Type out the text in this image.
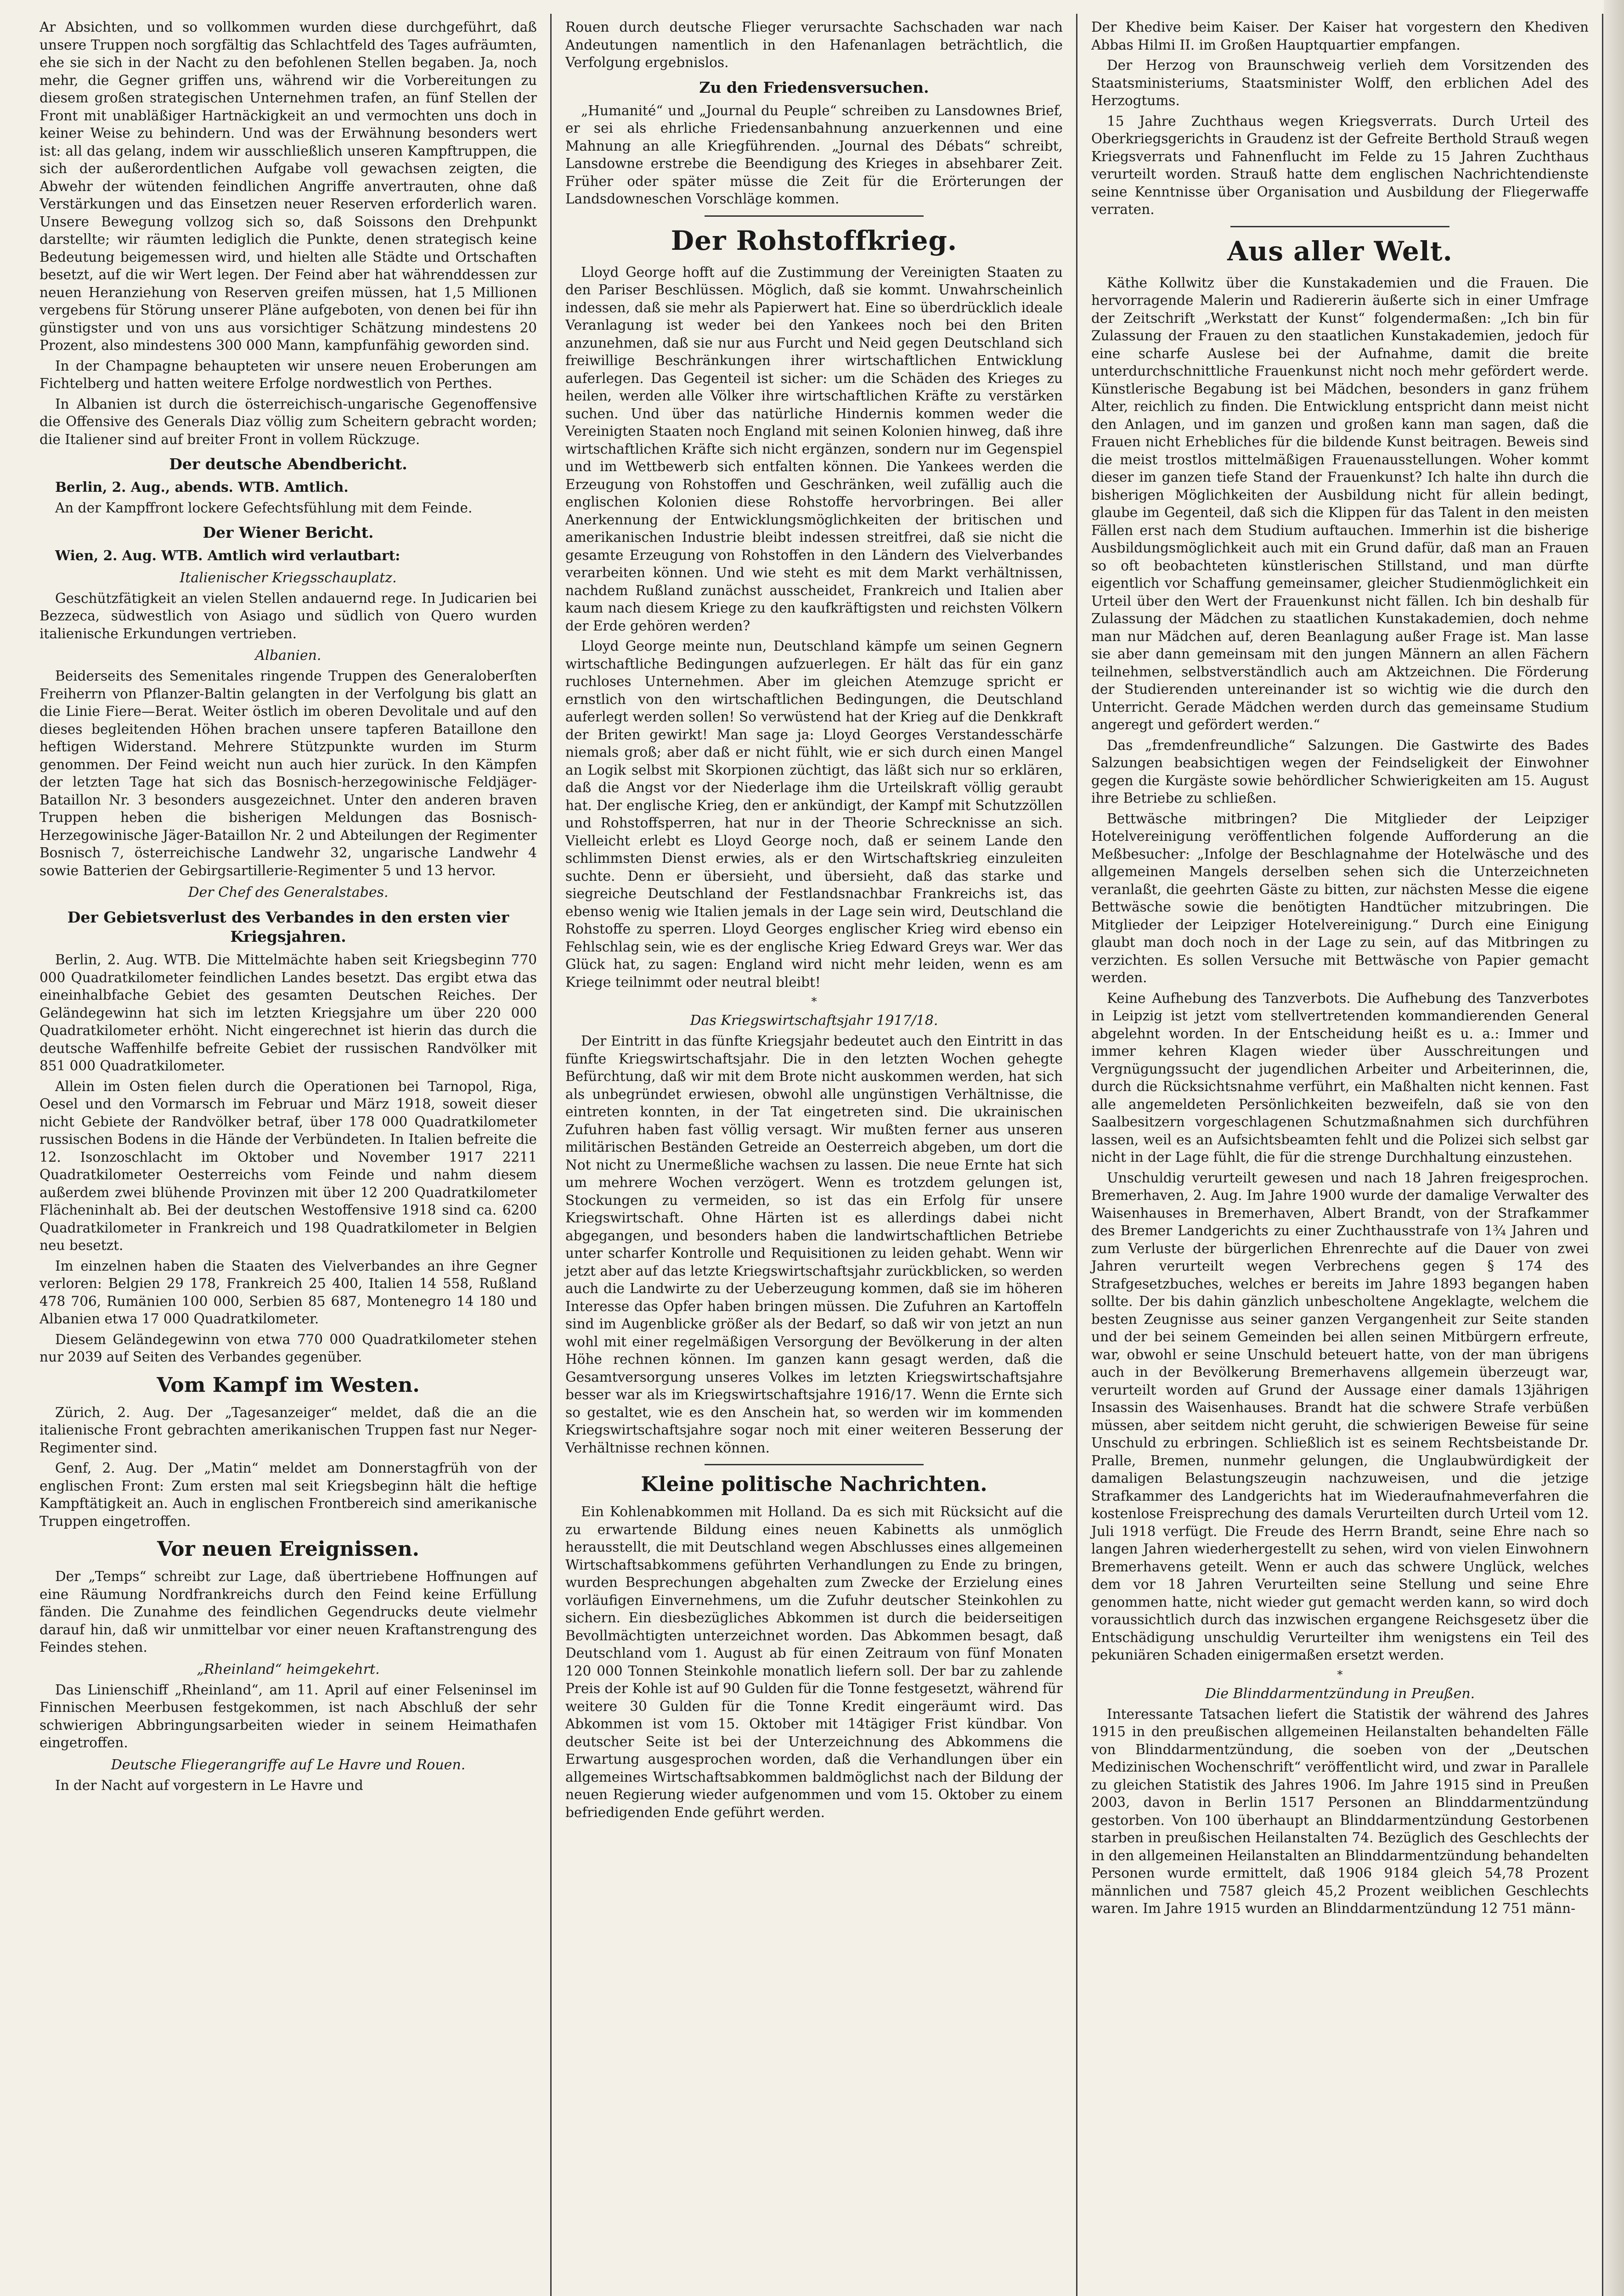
Ar Absichten, und so vollkommen wurden diese durchgeführt, daß unsere Truppen noch sorgfältig das Schlachtfeld des Tages aufräumten, ehe sie sich in der Nacht zu den befohlenen Stellen begaben. Ja, noch mehr, die Gegner griffen uns, während wir die Vorbereitungen zu diesem großen strategischen Unternehmen trafen, an fünf Stellen der Front mit unabläßiger Hartnäckigkeit an und vermochten uns doch in keiner Weise zu behindern. Und was der Erwähnung besonders wert ist: all das gelang, indem wir ausschließlich unseren Kampftruppen, die sich der außerordentlichen Aufgabe voll gewachsen zeigten, die Abwehr der wütenden feindlichen Angriffe anvertrauten, ohne daß Verstärkungen und das Einsetzen neuer Reserven erforderlich waren. Unsere Bewegung vollzog sich so, daß Soissons den Drehpunkt darstellte; wir räumten lediglich die Punkte, denen strategisch keine Bedeutung beigemessen wird, und hielten alle Städte und Ortschaften besetzt, auf die wir Wert legen. Der Feind aber hat währenddessen zur neuen Heranziehung von Reserven greifen müssen, hat 1,5 Millionen vergebens für Störung unserer Pläne aufgeboten, von denen bei für ihn günstigster und von uns aus vorsichtiger Schätzung mindestens 20 Prozent, also mindestens 300 000 Mann, kampfunfähig geworden sind.

In der Champagne behaupteten wir unsere neuen Eroberungen am Fichtelberg und hatten weitere Erfolge nordwestlich von Perthes.

In Albanien ist durch die österreichisch-ungarische Gegenoffensive die Offensive des Generals Diaz völlig zum Scheitern gebracht worden; die Italiener sind auf breiter Front in vollem Rückzuge.

Der deutsche Abendbericht.

Berlin, 2. Aug., abends. WTB. Amtlich.

An der Kampffront lockere Gefechtsfühlung mit dem Feinde.

Der Wiener Bericht.

Wien, 2. Aug. WTB. Amtlich wird verlautbart:

Italienischer Kriegsschauplatz.

Geschützfätigkeit an vielen Stellen andauernd rege. In Judicarien bei Bezzeca, südwestlich von Asiago und südlich von Quero wurden italienische Erkundungen vertrieben.

Albanien.

Beiderseits des Semenitales ringende Truppen des Generaloberſten Freiherrn von Pflanzer-Baltin gelangten in der Verfolgung bis glatt an die Linie Fiere—Berat. Weiter östlich im oberen Devolitale und auf den dieses begleitenden Höhen brachen unsere tapferen Bataillone den heftigen Widerstand. Mehrere Stützpunkte wurden im Sturm genommen. Der Feind weicht nun auch hier zurück. In den Kämpfen der letzten Tage hat sich das Bosnisch-herzegowinische Feldjäger-Bataillon Nr. 3 besonders ausgezeichnet. Unter den anderen braven Truppen heben die bisherigen Meldungen das Bosnisch-Herzegowinische Jäger-Bataillon Nr. 2 und Abteilungen der Regimenter Bosnisch 7, österreichische Landwehr 32, ungarische Landwehr 4 sowie Batterien der Gebirgsartillerie-Regimenter 5 und 13 hervor.

Der Chef des Generalstabes.
Der Gebietsverlust des Verbandes in den ersten vier Kriegsjahren.

Berlin, 2. Aug. WTB. Die Mittelmächte haben seit Kriegsbeginn 770 000 Quadratkilometer feindlichen Landes besetzt. Das ergibt etwa das eineinhalbfache Gebiet des gesamten Deutschen Reiches. Der Geländegewinn hat sich im letzten Kriegsjahre um über 220 000 Quadratkilometer erhöht. Nicht eingerechnet ist hierin das durch die deutsche Waffenhilfe befreite Gebiet der russischen Randvölker mit 851 000 Quadratkilometer.

Allein im Osten fielen durch die Operationen bei Tarnopol, Riga, Oesel und den Vormarsch im Februar und März 1918, soweit dieser nicht Gebiete der Randvölker betraf, über 178 000 Quadratkilometer russischen Bodens in die Hände der Verbündeten. In Italien befreite die 12. Isonzoschlacht im Oktober und November 1917 2211 Quadratkilometer Oesterreichs vom Feinde und nahm diesem außerdem zwei blühende Provinzen mit über 12 200 Quadratkilometer Flächeninhalt ab. Bei der deutschen Westoffensive 1918 sind ca. 6200 Quadratkilometer in Frankreich und 198 Quadratkilometer in Belgien neu besetzt.

Im einzelnen haben die Staaten des Vielverbandes an ihre Gegner verloren: Belgien 29 178, Frankreich 25 400, Italien 14 558, Rußland 478 706, Rumänien 100 000, Serbien 85 687, Montenegro 14 180 und Albanien etwa 17 000 Quadratkilometer.

Diesem Geländegewinn von etwa 770 000 Quadratkilometer stehen nur 2039 auf Seiten des Verbandes gegenüber.

Vom Kampf im Westen.

Zürich, 2. Aug. Der „Tagesanzeiger“ meldet, daß die an die italienische Front gebrachten amerikanischen Truppen fast nur Neger-Regimenter sind.

Genf, 2. Aug. Der „Matin“ meldet am Donnerstagfrüh von der englischen Front: Zum ersten mal seit Kriegsbeginn hält die heftige Kampftätigkeit an. Auch in englischen Frontbereich sind amerikanische Truppen eingetroffen.

Vor neuen Ereignissen.

Der „Temps“ schreibt zur Lage, daß übertriebene Hoffnungen auf eine Räumung Nordfrankreichs durch den Feind keine Erfüllung fänden. Die Zunahme des feindlichen Gegendrucks deute vielmehr darauf hin, daß wir unmittelbar vor einer neuen Kraftanstrengung des Feindes stehen.

„Rheinland“ heimgekehrt.

Das Linienschiff „Rheinland“, am 11. April auf einer Felseninsel im Finnischen Meerbusen festgekommen, ist nach Abschluß der sehr schwierigen Abbringungsarbeiten wieder in seinem Heimathafen eingetroffen.

Deutsche Fliegerangriffe auf Le Havre und Rouen.

In der Nacht auf vorgestern in Le Havre und

Rouen durch deutsche Flieger verursachte Sachschaden war nach Andeutungen namentlich in den Hafenanlagen beträchtlich, die Verfolgung ergebnislos.

Zu den Friedensversuchen.

„Humanité“ und „Journal du Peuple“ schreiben zu Lansdownes Brief, er sei als ehrliche Friedensanbahnung anzuerkennen und eine Mahnung an alle Kriegführenden. „Journal des Débats“ schreibt, Lansdowne erstrebe die Beendigung des Krieges in absehbarer Zeit. Früher oder später müsse die Zeit für die Erörterungen der Landsdowneschen Vorschläge kommen.

Der Rohstoffkrieg.

Lloyd George hofft auf die Zustimmung der Vereinigten Staaten zu den Pariser Beschlüssen. Möglich, daß sie kommt. Unwahrscheinlich indessen, daß sie mehr als Papierwert hat. Eine so überdrücklich ideale Veranlagung ist weder bei den Yankees noch bei den Briten anzunehmen, daß sie nur aus Furcht und Neid gegen Deutschland sich freiwillige Beschränkungen ihrer wirtschaftlichen Entwicklung auferlegen. Das Gegenteil ist sicher: um die Schäden des Krieges zu heilen, werden alle Völker ihre wirtschaftlichen Kräfte zu verstärken suchen. Und über das natürliche Hindernis kommen weder die Vereinigten Staaten noch England mit seinen Kolonien hinweg, daß ihre wirtschaftlichen Kräfte sich nicht ergänzen, sondern nur im Gegenspiel und im Wettbewerb sich entfalten können. Die Yankees werden die Erzeugung von Rohstoffen und Geschränken, weil zufällig auch die englischen Kolonien diese Rohstoffe hervorbringen. Bei aller Anerkennung der Entwicklungsmöglichkeiten der britischen und amerikanischen Industrie bleibt indessen streitfrei, daß sie nicht die gesamte Erzeugung von Rohstoffen in den Ländern des Vielverbandes verarbeiten können. Und wie steht es mit dem Markt verhältnissen, nachdem Rußland zunächst ausscheidet, Frankreich und Italien aber kaum nach diesem Kriege zu den kaufkräftigsten und reichsten Völkern der Erde gehören werden?

Lloyd George meinte nun, Deutschland kämpfe um seinen Gegnern wirtschaftliche Bedingungen aufzuerlegen. Er hält das für ein ganz ruchloses Unternehmen. Aber im gleichen Atemzuge spricht er ernstlich von den wirtschaftlichen Bedingungen, die Deutschland auferlegt werden sollen! So verwüstend hat der Krieg auf die Denkkraft der Briten gewirkt! Man sage ja: Lloyd Georges Verstandesschärfe niemals groß; aber daß er nicht fühlt, wie er sich durch einen Mangel an Logik selbst mit Skorpionen züchtigt, das läßt sich nur so erklären, daß die Angst vor der Niederlage ihm die Urteilskraft völlig geraubt hat. Der englische Krieg, den er ankündigt, der Kampf mit Schutzzöllen und Rohstoffsperren, hat nur in der Theorie Schrecknisse an sich. Vielleicht erlebt es Lloyd George noch, daß er seinem Lande den schlimmsten Dienst erwies, als er den Wirtschaftskrieg einzuleiten suchte. Denn er übersieht, und übersieht, daß das starke und siegreiche Deutschland der Festlandsnachbar Frankreichs ist, das ebenso wenig wie Italien jemals in der Lage sein wird, Deutschland die Rohstoffe zu sperren. Lloyd Georges englischer Krieg wird ebenso ein Fehlschlag sein, wie es der englische Krieg Edward Greys war. Wer das Glück hat, zu sagen: England wird nicht mehr leiden, wenn es am Kriege teilnimmt oder neutral bleibt!

*
Das Kriegswirtschaftsjahr 1917/18.

Der Eintritt in das fünfte Kriegsjahr bedeutet auch den Eintritt in das fünfte Kriegswirtschaftsjahr. Die in den letzten Wochen gehegte Befürchtung, daß wir mit dem Brote nicht auskommen werden, hat sich als unbegründet erwiesen, obwohl alle ungünstigen Verhältnisse, die eintreten konnten, in der Tat eingetreten sind. Die ukrainischen Zufuhren haben fast völlig versagt. Wir mußten ferner aus unseren militärischen Beständen Getreide an Oesterreich abgeben, um dort die Not nicht zu Unermeßliche wachsen zu lassen. Die neue Ernte hat sich um mehrere Wochen verzögert. Wenn es trotzdem gelungen ist, Stockungen zu vermeiden, so ist das ein Erfolg für unsere Kriegswirtschaft. Ohne Härten ist es allerdings dabei nicht abgegangen, und besonders haben die landwirtschaftlichen Betriebe unter scharfer Kontrolle und Requisitionen zu leiden gehabt. Wenn wir jetzt aber auf das letzte Kriegswirtschaftsjahr zurückblicken, so werden auch die Landwirte zu der Ueberzeugung kommen, daß sie im höheren Interesse das Opfer haben bringen müssen. Die Zufuhren an Kartoffeln sind im Augenblicke größer als der Bedarf, so daß wir von jetzt an nun wohl mit einer regelmäßigen Versorgung der Bevölkerung in der alten Höhe rechnen können. Im ganzen kann gesagt werden, daß die Gesamtversorgung unseres Volkes im letzten Kriegswirtschaftsjahre besser war als im Kriegswirtschaftsjahre 1916/17. Wenn die Ernte sich so gestaltet, wie es den Anschein hat, so werden wir im kommenden Kriegswirtschaftsjahre sogar noch mit einer weiteren Besserung der Verhältnisse rechnen können.

Kleine politische Nachrichten.

Ein Kohlenabkommen mit Holland. Da es sich mit Rücksicht auf die zu erwartende Bildung eines neuen Kabinetts als unmöglich herausstellt, die mit Deutschland wegen Abschlusses eines allgemeinen Wirtschaftsabkommens geführten Verhandlungen zu Ende zu bringen, wurden Besprechungen abgehalten zum Zwecke der Erzielung eines vorläufigen Einvernehmens, um die Zufuhr deutscher Steinkohlen zu sichern. Ein diesbezügliches Abkommen ist durch die beiderseitigen Bevollmächtigten unterzeichnet worden. Das Abkommen besagt, daß Deutschland vom 1. August ab für einen Zeitraum von fünf Monaten 120 000 Tonnen Steinkohle monatlich liefern soll. Der bar zu zahlende Preis der Kohle ist auf 90 Gulden für die Tonne festgesetzt, während für weitere 30 Gulden für die Tonne Kredit eingeräumt wird. Das Abkommen ist vom 15. Oktober mit 14tägiger Frist kündbar. Von deutscher Seite ist bei der Unterzeichnung des Abkommens die Erwartung ausgesprochen worden, daß die Verhandlungen über ein allgemeines Wirtschaftsabkommen baldmöglichst nach der Bildung der neuen Regierung wieder aufgenommen und vom 15. Oktober zu einem befriedigenden Ende geführt werden.

Der Khedive beim Kaiser. Der Kaiser hat vorgestern den Khediven Abbas Hilmi II. im Großen Hauptquartier empfangen.

Der Herzog von Braunschweig verlieh dem Vorsitzenden des Staatsministeriums, Staatsminister Wolff, den erblichen Adel des Herzogtums.

15 Jahre Zuchthaus wegen Kriegsverrats. Durch Urteil des Oberkriegsgerichts in Graudenz ist der Gefreite Berthold Strauß wegen Kriegsverrats und Fahnenflucht im Felde zu 15 Jahren Zuchthaus verurteilt worden. Strauß hatte dem englischen Nachrichtendienste seine Kenntnisse über Organisation und Ausbildung der Fliegerwaffe verraten.

Aus aller Welt.

Käthe Kollwitz über die Kunstakademien und die Frauen. Die hervorragende Malerin und Radiererin äußerte sich in einer Umfrage der Zeitschrift „Werkstatt der Kunst“ folgendermaßen: „Ich bin für Zulassung der Frauen zu den staatlichen Kunstakademien, jedoch für eine scharfe Auslese bei der Aufnahme, damit die breite unterdurchschnittliche Frauenkunst nicht noch mehr gefördert werde. Künstlerische Begabung ist bei Mädchen, besonders in ganz frühem Alter, reichlich zu finden. Die Entwicklung entspricht dann meist nicht den Anlagen, und im ganzen und großen kann man sagen, daß die Frauen nicht Erhebliches für die bildende Kunst beitragen. Beweis sind die meist trostlos mittelmäßigen Frauenausstellungen. Woher kommt dieser im ganzen tiefe Stand der Frauenkunst? Ich halte ihn durch die bisherigen Möglichkeiten der Ausbildung nicht für allein bedingt, glaube im Gegenteil, daß sich die Klippen für das Talent in den meisten Fällen erst nach dem Studium auftauchen. Immerhin ist die bisherige Ausbildungsmöglichkeit auch mit ein Grund dafür, daß man an Frauen so oft beobachteten künstlerischen Stillstand, und man dürfte eigentlich vor Schaffung gemeinsamer, gleicher Studienmöglichkeit ein Urteil über den Wert der Frauenkunst nicht fällen. Ich bin deshalb für Zulassung der Mädchen zu staatlichen Kunstakademien, doch nehme man nur Mädchen auf, deren Beanlagung außer Frage ist. Man lasse sie aber dann gemeinsam mit den jungen Männern an allen Fächern teilnehmen, selbstverständlich auch am Aktzeichnen. Die Förderung der Studierenden untereinander ist so wichtig wie die durch den Unterricht. Gerade Mädchen werden durch das gemeinsame Studium angeregt und gefördert werden.“

Das „fremdenfreundliche“ Salzungen. Die Gastwirte des Bades Salzungen beabsichtigen wegen der Feindseligkeit der Einwohner gegen die Kurgäste sowie behördlicher Schwierigkeiten am 15. August ihre Betriebe zu schließen.

Bettwäsche mitbringen? Die Mitglieder der Leipziger Hotelvereinigung veröffentlichen folgende Aufforderung an die Meßbesucher: „Infolge der Beschlagnahme der Hotelwäsche und des allgemeinen Mangels derselben sehen sich die Unterzeichneten veranlaßt, die geehrten Gäste zu bitten, zur nächsten Messe die eigene Bettwäsche sowie die benötigten Handtücher mitzubringen. Die Mitglieder der Leipziger Hotelvereinigung.“ Durch eine Einigung glaubt man doch noch in der Lage zu sein, auf das Mitbringen zu verzichten. Es sollen Versuche mit Bettwäsche von Papier gemacht werden.

Keine Aufhebung des Tanzverbots. Die Aufhebung des Tanzverbotes in Leipzig ist jetzt vom stellvertretenden kommandierenden General abgelehnt worden. In der Entscheidung heißt es u. a.: Immer und immer kehren Klagen wieder über Ausschreitungen und Vergnügungssucht der jugendlichen Arbeiter und Arbeiterinnen, die, durch die Rücksichtsnahme verführt, ein Maßhalten nicht kennen. Fast alle angemeldeten Persönlichkeiten bezweifeln, daß sie von den Saalbesitzern vorgeschlagenen Schutzmaßnahmen sich durchführen lassen, weil es an Aufsichtsbeamten fehlt und die Polizei sich selbst gar nicht in der Lage fühlt, die für die strenge Durchhaltung einzustehen.

Unschuldig verurteilt gewesen und nach 18 Jahren freigesprochen. Bremerhaven, 2. Aug. Im Jahre 1900 wurde der damalige Verwalter des Waisenhauses in Bremerhaven, Albert Brandt, von der Strafkammer des Bremer Landgerichts zu einer Zuchthausstrafe von 1¾ Jahren und zum Verluste der bürgerlichen Ehrenrechte auf die Dauer von zwei Jahren verurteilt wegen Verbrechens gegen § 174 des Strafgesetzbuches, welches er bereits im Jahre 1893 begangen haben sollte. Der bis dahin gänzlich unbescholtene Angeklagte, welchem die besten Zeugnisse aus seiner ganzen Vergangenheit zur Seite standen und der bei seinem Gemeinden bei allen seinen Mitbürgern erfreute, war, obwohl er seine Unschuld beteuert hatte, von der man übrigens auch in der Bevölkerung Bremerhavens allgemein überzeugt war, verurteilt worden auf Grund der Aussage einer damals 13jährigen Insassin des Waisenhauses. Brandt hat die schwere Strafe verbüßen müssen, aber seitdem nicht geruht, die schwierigen Beweise für seine Unschuld zu erbringen. Schließlich ist es seinem Rechtsbeistande Dr. Pralle, Bremen, nunmehr gelungen, die Unglaubwürdigkeit der damaligen Belastungszeugin nachzuweisen, und die jetzige Strafkammer des Landgerichts hat im Wiederaufnahmeverfahren die kostenlose Freisprechung des damals Verurteilten durch Urteil vom 12. Juli 1918 verfügt. Die Freude des Herrn Brandt, seine Ehre nach so langen Jahren wiederhergestellt zu sehen, wird von vielen Einwohnern Bremerhavens geteilt. Wenn er auch das schwere Unglück, welches dem vor 18 Jahren Verurteilten seine Stellung und seine Ehre genommen hatte, nicht wieder gut gemacht werden kann, so wird doch voraussichtlich durch das inzwischen ergangene Reichsgesetz über die Entschädigung unschuldig Verurteilter ihm wenigstens ein Teil des pekuniären Schaden einigermaßen ersetzt werden.

*
Die Blinddarmentzündung in Preußen.

Interessante Tatsachen liefert die Statistik der während des Jahres 1915 in den preußischen allgemeinen Heilanstalten behandelten Fälle von Blinddarmentzündung, die soeben von der „Deutschen Medizinischen Wochenschrift“ veröffentlicht wird, und zwar in Parallele zu gleichen Statistik des Jahres 1906. Im Jahre 1915 sind in Preußen 2003, davon in Berlin 1517 Personen an Blinddarmentzündung gestorben. Von 100 überhaupt an Blinddarmentzündung Gestorbenen starben in preußischen Heilanstalten 74. Bezüglich des Geschlechts der in den allgemeinen Heilanstalten an Blinddarmentzündung behandelten Personen wurde ermittelt, daß 1906 9184 gleich 54,78 Prozent männlichen und 7587 gleich 45,2 Prozent weiblichen Geschlechts waren. Im Jahre 1915 wurden an Blinddarmentzündung 12 751 männ-
